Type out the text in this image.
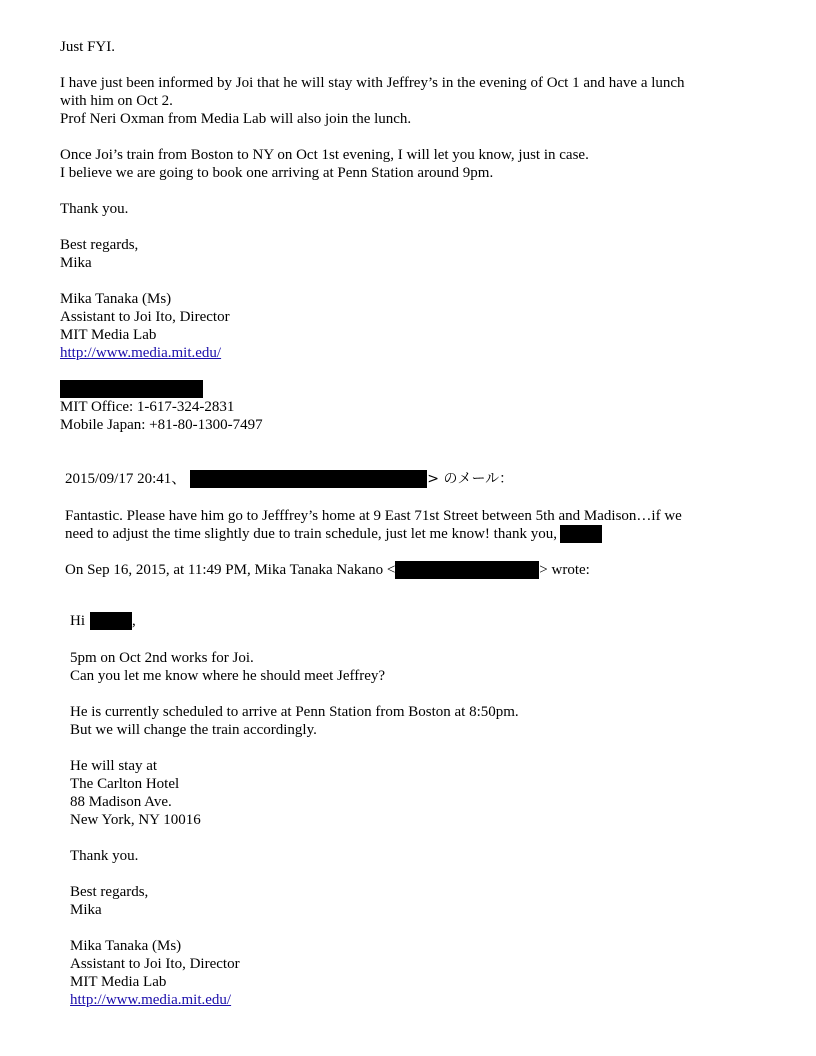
Just FYI.
I have just been informed by Joi that he will stay with Jeffrey’s in the evening of Oct 1 and have a lunch
with him on Oct 2.
Prof Neri Oxman from Media Lab will also join the lunch.
Once Joi’s train from Boston to NY on Oct 1st evening, I will let you know, just in case.
I believe we are going to book one arriving at Penn Station around 9pm.
Thank you.
Best regards,
Mika
Mika Tanaka (Ms)
Assistant to Joi Ito, Director
MIT Media Lab
http://www.media.mit.edu/
MIT Office: 1-617-324-2831
Mobile Japan: +81-80-1300-7497
2015/09/17 20:41、	> のメール：
Fantastic. Please have him go to Jefffrey’s home at 9 East 71st Street between 5th and Madison…if we
need to adjust the time slightly due to train schedule, just let me know! thank you,
On Sep 16, 2015, at 11:49 PM, Mika Tanaka Nakano <	> wrote:
Hi	,
5pm on Oct 2nd works for Joi.
Can you let me know where he should meet Jeffrey?
He is currently scheduled to arrive at Penn Station from Boston at 8:50pm.
But we will change the train accordingly.
He will stay at
The Carlton Hotel
88 Madison Ave.
New York, NY 10016
Thank you.
Best regards,
Mika
Mika Tanaka (Ms)
Assistant to Joi Ito, Director
MIT Media Lab
http://www.media.mit.edu/
